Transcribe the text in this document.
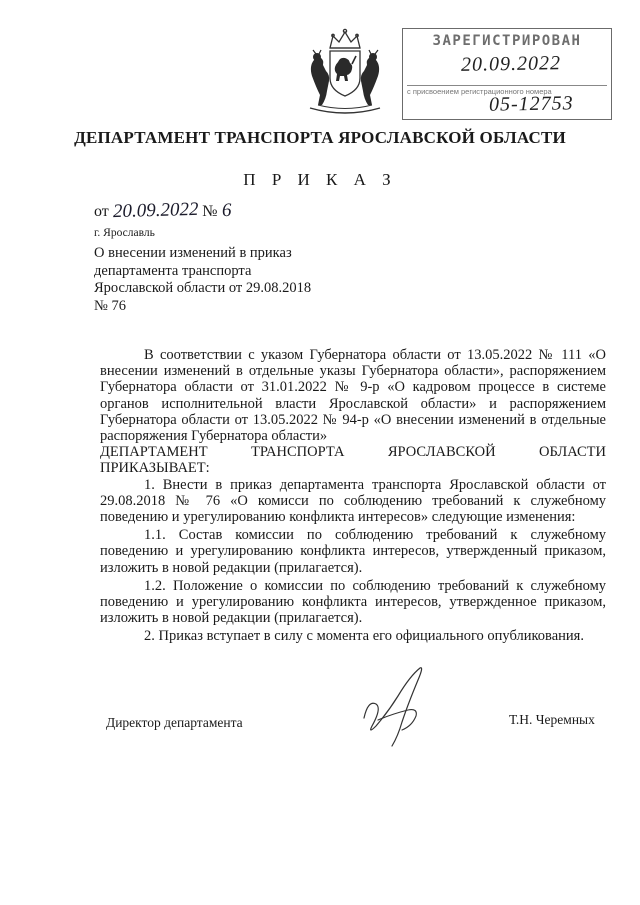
ЗАРЕГИСТРИРОВАН
20.09.2022
с присвоением регистрационного номера
05-12753
ДЕПАРТАМЕНТ ТРАНСПОРТА ЯРОСЛАВСКОЙ ОБЛАСТИ
П Р И К А З
от 20.09.2022 № 6
г. Ярославль
О внесении изменений в приказ департамента транспорта Ярославской области от 29.08.2018 № 76

В соответствии с указом Губернатора области от 13.05.2022 № 111 «О внесении изменений в отдельные указы Губернатора области», распоряжением Губернатора области от 31.01.2022 № 9-р «О кадровом процессе в системе органов исполнительной власти Ярославской области» и распоряжением Губернатора области от 13.05.2022 № 94-р «О внесении изменений в отдельные распоряжения Губернатора области»

ДЕПАРТАМЕНТ	ТРАНСПОРТА	ЯРОСЛАВСКОЙ	ОБЛАСТИ

ПРИКАЗЫВАЕТ:

1. Внести в приказ департамента транспорта Ярославской области от 29.08.2018 № 76 «О комисси по соблюдению требований к служебному поведению и урегулированию конфликта интересов» следующие изменения:

1.1. Состав комиссии по соблюдению требований к служебному поведению и урегулированию конфликта интересов, утвержденный приказом, изложить в новой редакции (прилагается).

1.2. Положение о комиссии по соблюдению требований к служебному поведению и урегулированию конфликта интересов, утвержденное приказом, изложить в новой редакции (прилагается).

2. Приказ вступает в силу с момента его официального опубликования.

Директор департамента	Т.Н. Черемных
